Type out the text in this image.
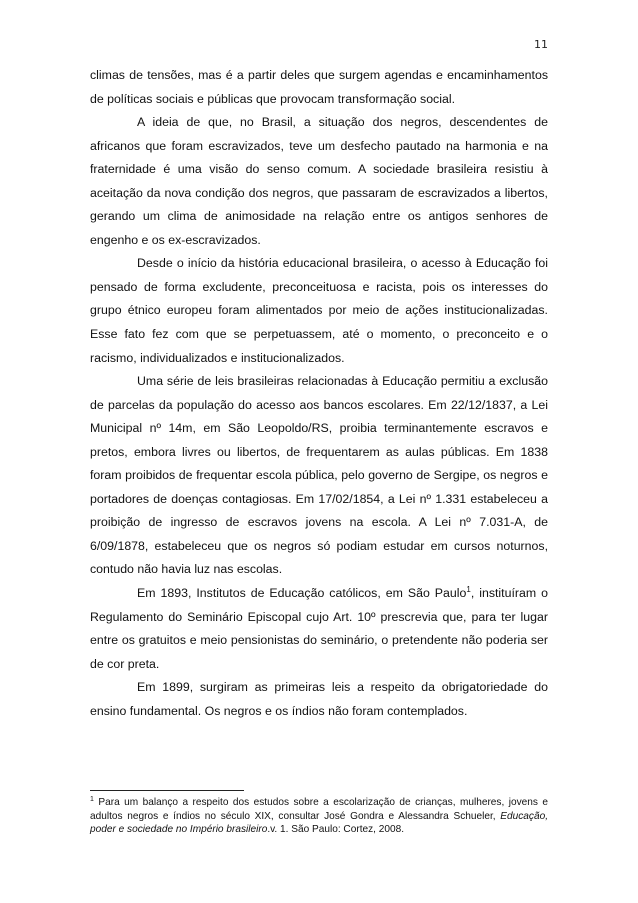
11

climas de tensões, mas é a partir deles que surgem agendas e encaminhamentos de políticas sociais e públicas que provocam transformação social.

A ideia de que, no Brasil, a situação dos negros, descendentes de africanos que foram escravizados, teve um desfecho pautado na harmonia e na fraternidade é uma visão do senso comum. A sociedade brasileira resistiu à aceitação da nova condição dos negros, que passaram de escravizados a libertos, gerando um clima de animosidade na relação entre os antigos senhores de engenho e os ex-escravizados.

Desde o início da história educacional brasileira, o acesso à Educação foi pensado de forma excludente, preconceituosa e racista, pois os interesses do grupo étnico europeu foram alimentados por meio de ações institucionalizadas. Esse fato fez com que se perpetuassem, até o momento, o preconceito e o racismo, individualizados e institucionalizados.

Uma série de leis brasileiras relacionadas à Educação permitiu a exclusão de parcelas da população do acesso aos bancos escolares. Em 22/12/1837, a Lei Municipal nº 14m, em São Leopoldo/RS, proibia terminantemente escravos e pretos, embora livres ou libertos, de frequentarem as aulas públicas. Em 1838 foram proibidos de frequentar escola pública, pelo governo de Sergipe, os negros e portadores de doenças contagiosas. Em 17/02/1854, a Lei nº 1.331 estabeleceu a proibição de ingresso de escravos jovens na escola. A Lei nº 7.031-A, de 6/09/1878, estabeleceu que os negros só podiam estudar em cursos noturnos, contudo não havia luz nas escolas.

Em 1893, Institutos de Educação católicos, em São Paulo$^1$, instituíram o Regulamento do Seminário Episcopal cujo Art. 10º prescrevia que, para ter lugar entre os gratuitos e meio pensionistas do seminário, o pretendente não poderia ser de cor preta.

Em 1899, surgiram as primeiras leis a respeito da obrigatoriedade do ensino fundamental. Os negros e os índios não foram contemplados.

$^1$ Para um balanço a respeito dos estudos sobre a escolarização de crianças, mulheres, jovens e adultos negros e índios no século XIX, consultar José Gondra e Alessandra Schueler, Educação, poder e sociedade no Império brasileiro.v. 1. São Paulo: Cortez, 2008.
